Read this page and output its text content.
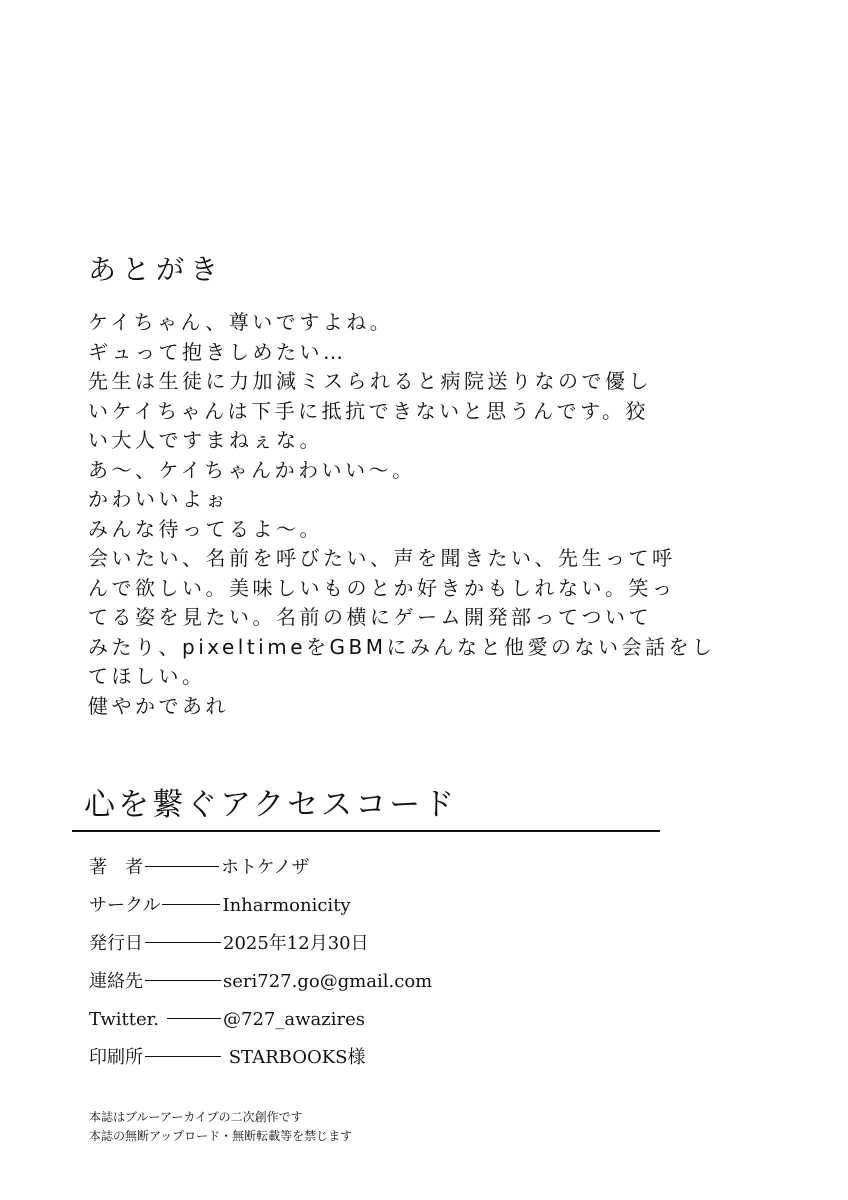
あとがき
ケイちゃん、尊いですよね。
ギュって抱きしめたい…
先生は生徒に力加減ミスられると病院送りなので優し
いケイちゃんは下手に抵抗できないと思うんです。狡
い大人ですまねぇな。
あ〜、ケイちゃんかわいい〜。
かわいいよぉ
みんな待ってるよ〜。
会いたい、名前を呼びたい、声を聞きたい、先生って呼
んで欲しい。美味しいものとか好きかもしれない。笑っ
てる姿を見たい。名前の横にゲーム開発部ってついて
みたり、pixeltimeをGBMにみんなと他愛のない会話をし
てほしい。
健やかであれ
心を繋ぐアクセスコード
著　者	ホトケノザ
サークル	Inharmonicity
発行日	2025年12月30日
連絡先	seri727.go@gmail.com
Twitter.	@727_awazires
印刷所	STARBOOKS様
本誌はブルーアーカイブの二次創作です
本誌の無断アップロード・無断転載等を禁じます
